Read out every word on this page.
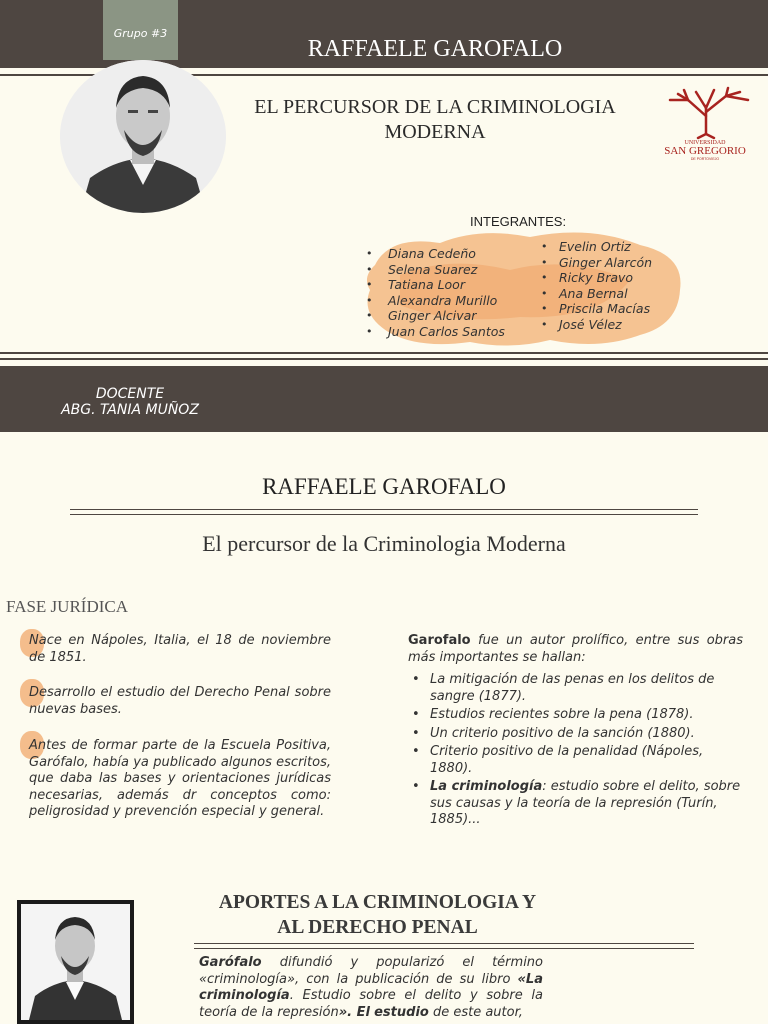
Grupo #3
RAFFAELE GAROFALO
EL PERCURSOR DE LA CRIMINOLOGIA
MODERNA	UNIVERSIDAD
SAN GREGORIO
DE PORTOVIEJO
INTEGRANTES:
• Diana Cedeño
• Selena Suarez
• Tatiana Loor
• Alexandra Murillo
• Ginger Alcivar
• Juan Carlos Santos
• Evelin Ortiz
• Ginger Alarcón
• Ricky Bravo
• Ana Bernal
• Priscila Macías
• José Vélez
DOCENTE
ABG. TANIA MUÑOZ
RAFFAELE GAROFALO
El percursor de la Criminologia Moderna
FASE JURÍDICA
Nace en Nápoles, Italia, el 18 de noviembre de 1851.
Desarrollo el estudio del Derecho Penal sobre nuevas bases.
Antes de formar parte de la Escuela Positiva, Garófalo, había ya publicado algunos escritos, que daba las bases y orientaciones jurídicas necesarias, además dr conceptos como: peligrosidad y prevención especial y general.
Garofalo fue un autor prolífico, entre sus obras más importantes se hallan:
• La mitigación de las penas en los delitos de sangre (1877).
• Estudios recientes sobre la pena (1878).
• Un criterio positivo de la sanción (1880).
• Criterio positivo de la penalidad (Nápoles, 1880).
• La criminología: estudio sobre el delito, sobre sus causas y la teoría de la represión (Turín, 1885)...
APORTES A LA CRIMINOLOGIA Y
AL DERECHO PENAL
Garófalo difundió y popularizó el término «criminología», con la publicación de su libro «La criminología. Estudio sobre el delito y sobre la teoría de la represión». El estudio de este autor,
